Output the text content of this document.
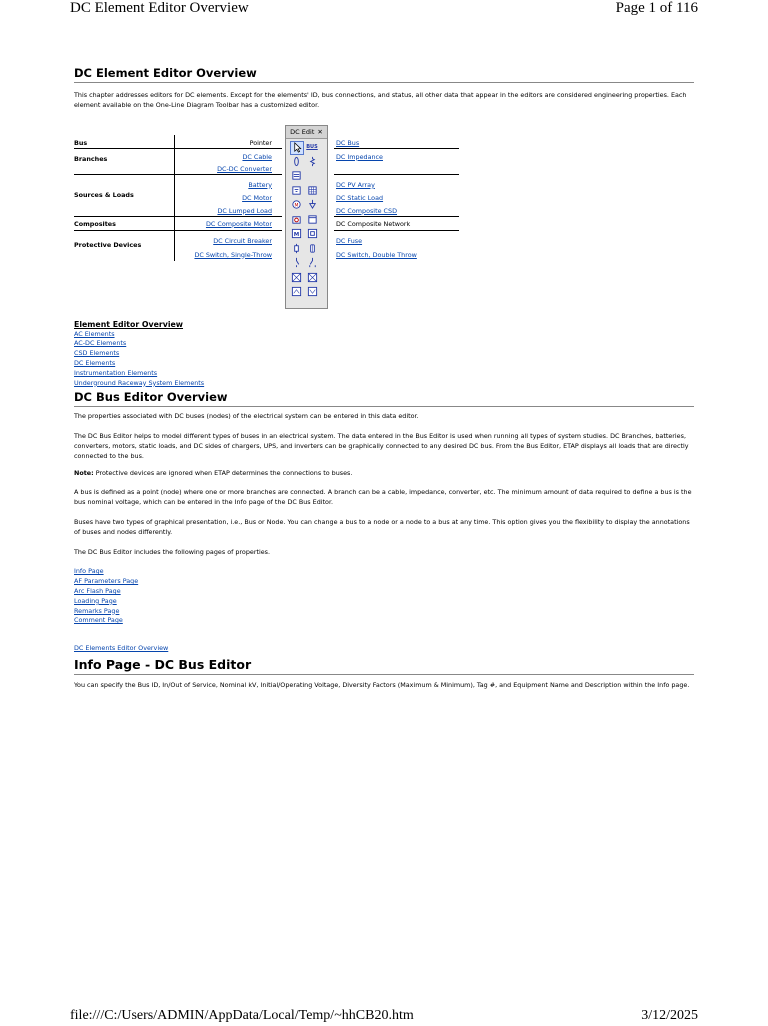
DC Element Editor Overview	Page 1 of 116
DC Element Editor Overview

This chapter addresses editors for DC elements. Except for the elements' ID, bus connections, and status, all other data that appear in the editors are considered engineering properties. Each element available on the One-Line Diagram Toolbar has a customized editor.

Bus
Branches
Sources & Loads
Composites
Protective Devices
Pointer
DC Cable
DC-DC Converter
Battery
DC Motor
DC Lumped Load
DC Composite Motor
DC Circuit Breaker
DC Switch, Single-Throw
DC Bus
DC Impedance
DC PV Array
DC Static Load
DC Composite CSD
DC Composite Network
DC Fuse
DC Switch, Double Throw
DC Edit ✕
BUS
M
M
Element Editor Overview
AC Elements
AC-DC Elements
CSD Elements
DC Elements
Instrumentation Elements
Underground Raceway System Elements
DC Bus Editor Overview

The properties associated with DC buses (nodes) of the electrical system can be entered in this data editor.

The DC Bus Editor helps to model different types of buses in an electrical system. The data entered in the Bus Editor is used when running all types of system studies. DC Branches, batteries, converters, motors, static loads, and DC sides of chargers, UPS, and inverters can be graphically connected to any desired DC bus. From the Bus Editor, ETAP displays all loads that are directly connected to the bus.

Note: Protective devices are ignored when ETAP determines the connections to buses.

A bus is defined as a point (node) where one or more branches are connected. A branch can be a cable, impedance, converter, etc. The minimum amount of data required to define a bus is the bus nominal voltage, which can be entered in the Info page of the DC Bus Editor.

Buses have two types of graphical presentation, i.e., Bus or Node. You can change a bus to a node or a node to a bus at any time. This option gives you the flexibility to display the annotations of buses and nodes differently.

The DC Bus Editor includes the following pages of properties.

Info Page
AF Parameters Page
Arc Flash Page
Loading Page
Remarks Page
Comment Page
DC Elements Editor Overview
Info Page - DC Bus Editor

You can specify the Bus ID, In/Out of Service, Nominal kV, Initial/Operating Voltage, Diversity Factors (Maximum & Minimum), Tag #, and Equipment Name and Description within the Info page.

file:///C:/Users/ADMIN/AppData/Local/Temp/~hhCB20.htm	3/12/2025
